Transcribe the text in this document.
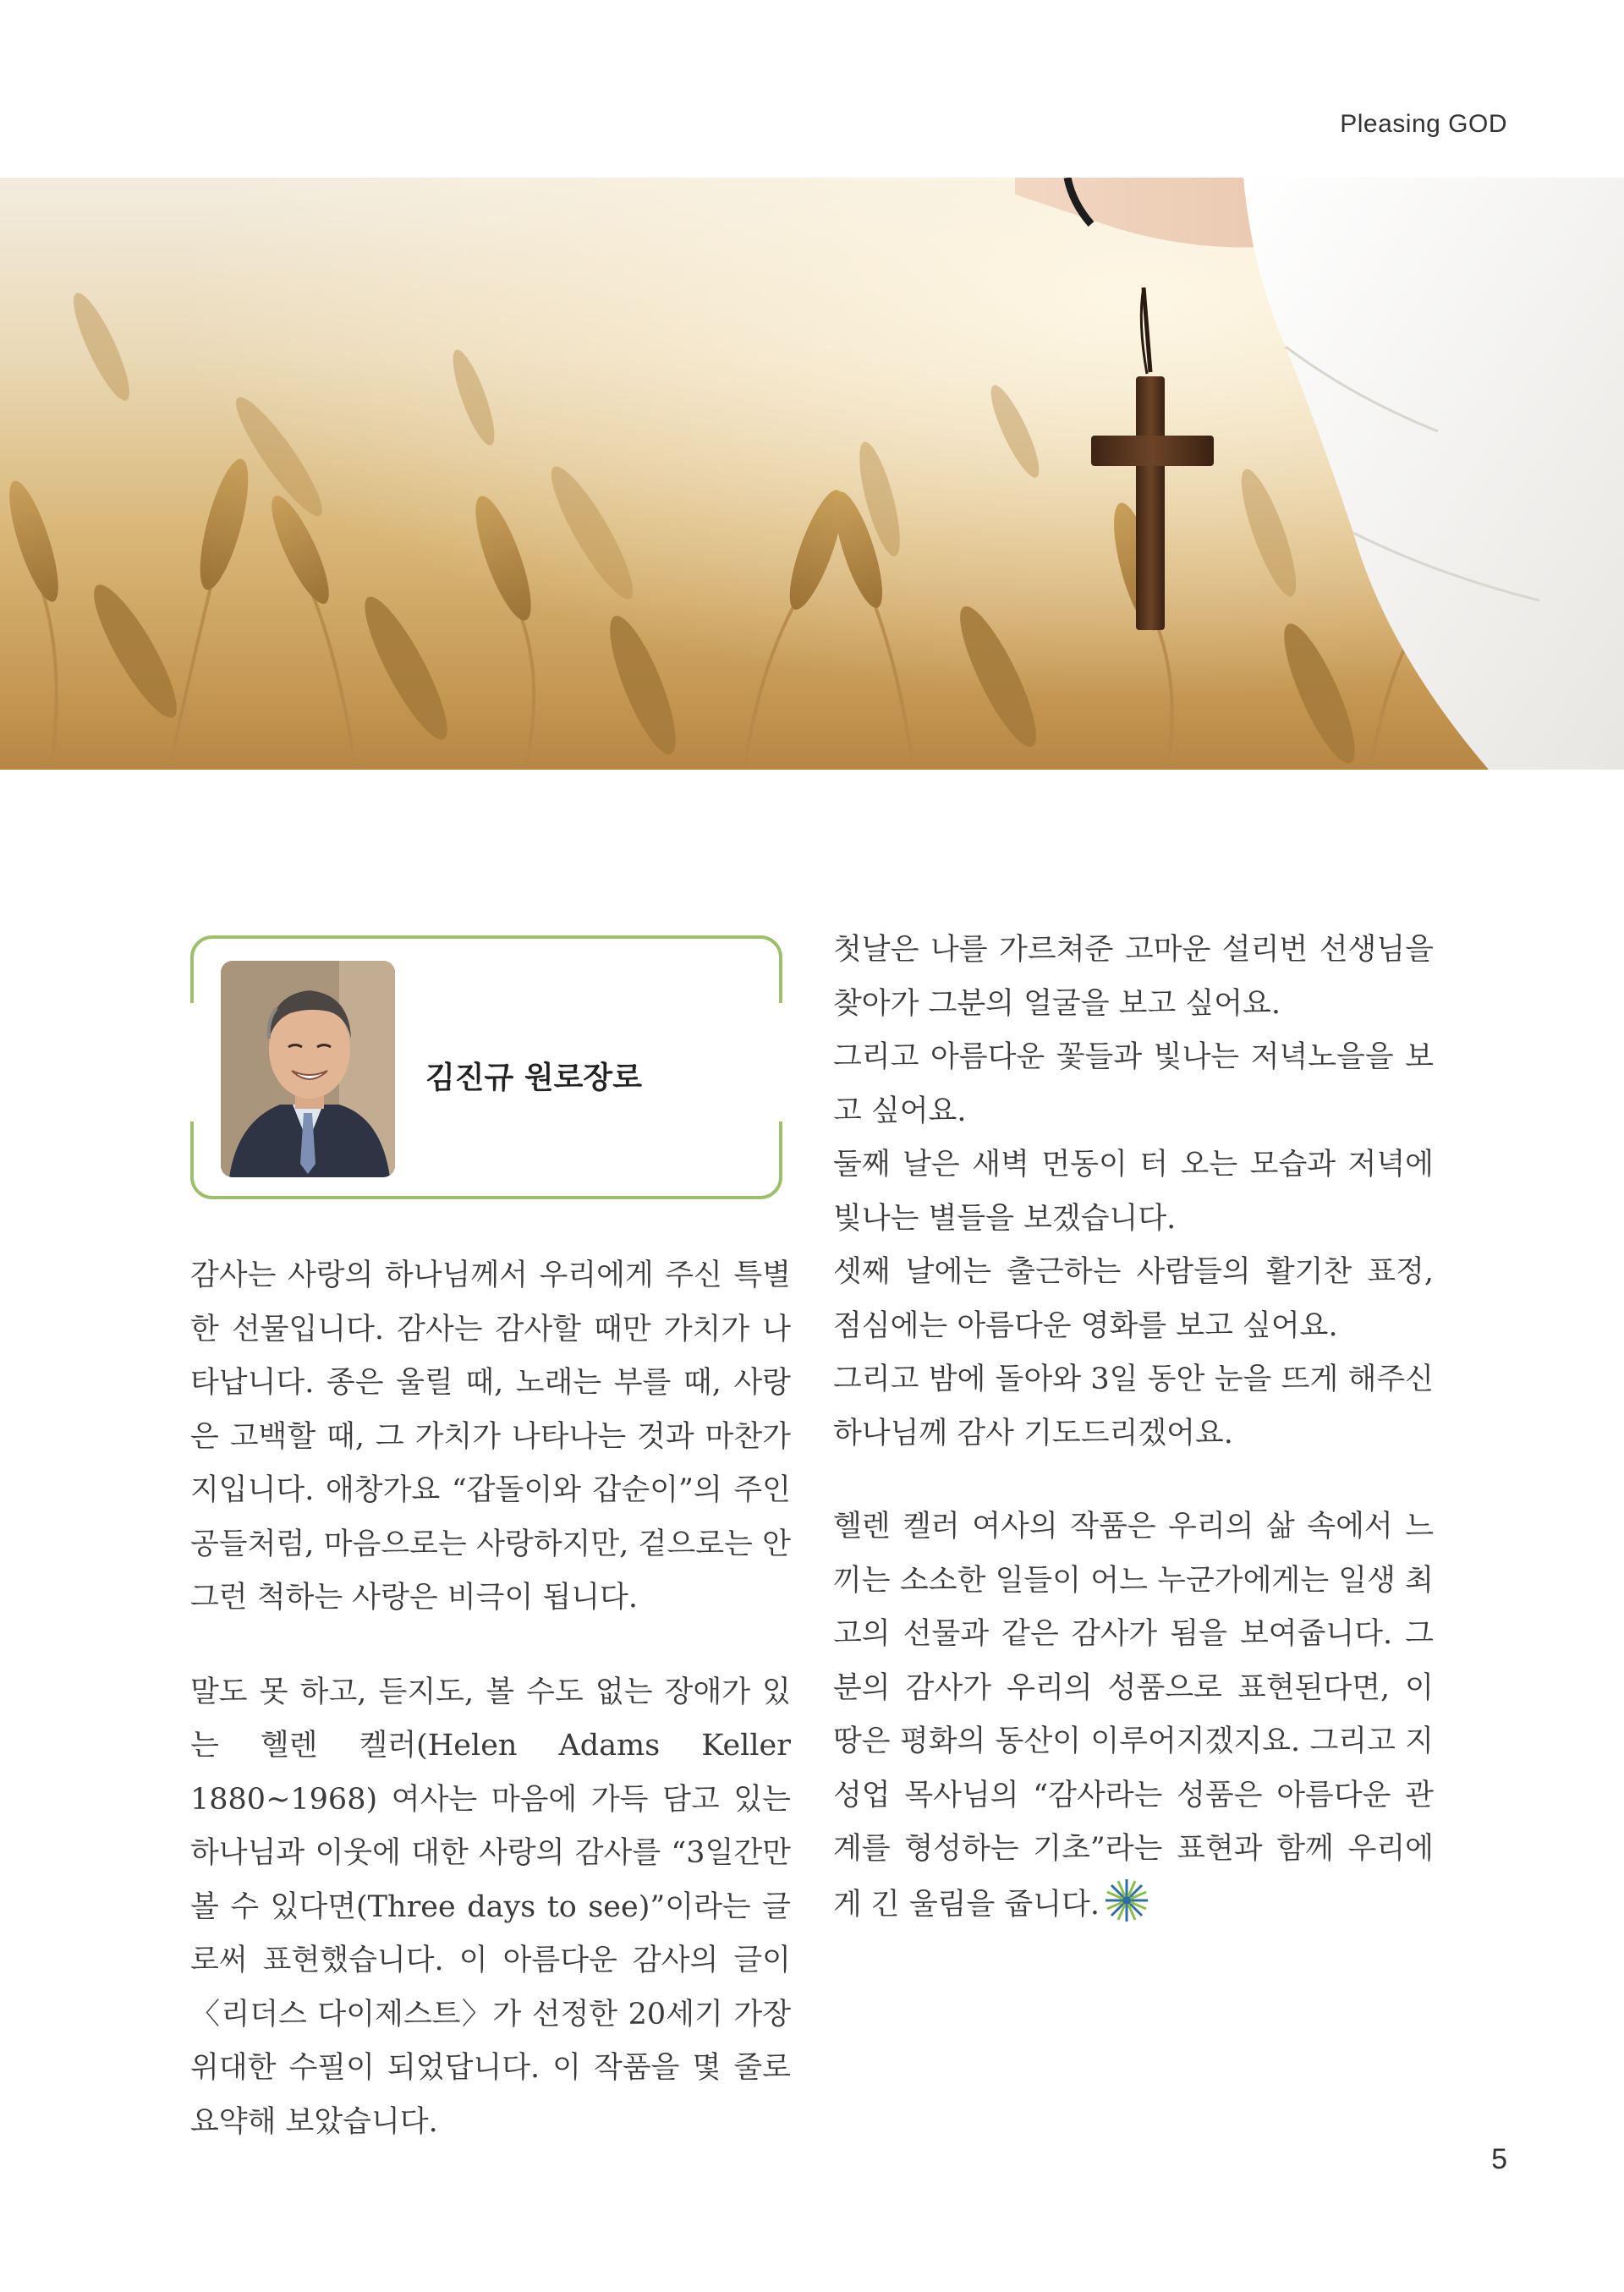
Pleasing GOD
김진규 원로장로

감사는 사랑의 하나님께서 우리에게 주신 특별한 선물입니다. 감사는 감사할 때만 가치가 나타납니다. 종은 울릴 때, 노래는 부를 때, 사랑은 고백할 때, 그 가치가 나타나는 것과 마찬가지입니다. 애창가요 “갑돌이와 갑순이”의 주인공들처럼, 마음으로는 사랑하지만, 겉으로는 안 그런 척하는 사랑은 비극이 됩니다.

말도 못 하고, 듣지도, 볼 수도 없는 장애가 있는 헬렌 켈러(Helen Adams Keller 1880~1968) 여사는 마음에 가득 담고 있는 하나님과 이웃에 대한 사랑의 감사를 “3일간만 볼 수 있다면(Three days to see)”이라는 글로써 표현했습니다. 이 아름다운 감사의 글이 〈리더스 다이제스트〉가 선정한 20세기 가장 위대한 수필이 되었답니다. 이 작품을 몇 줄로 요약해 보았습니다.

첫날은 나를 가르쳐준 고마운 설리번 선생님을 찾아가 그분의 얼굴을 보고 싶어요.

그리고 아름다운 꽃들과 빛나는 저녁노을을 보고 싶어요.

둘째 날은 새벽 먼동이 터 오는 모습과 저녁에 빛나는 별들을 보겠습니다.

셋째 날에는 출근하는 사람들의 활기찬 표정, 점심에는 아름다운 영화를 보고 싶어요.

그리고 밤에 돌아와 3일 동안 눈을 뜨게 해주신 하나님께 감사 기도드리겠어요.

헬렌 켈러 여사의 작품은 우리의 삶 속에서 느끼는 소소한 일들이 어느 누군가에게는 일생 최고의 선물과 같은 감사가 됨을 보여줍니다. 그분의 감사가 우리의 성품으로 표현된다면, 이 땅은 평화의 동산이 이루어지겠지요. 그리고 지성업 목사님의 “감사라는 성품은 아름다운 관계를 형성하는 기초”라는 표현과 함께 우리에게 긴 울림을 줍니다.

5
